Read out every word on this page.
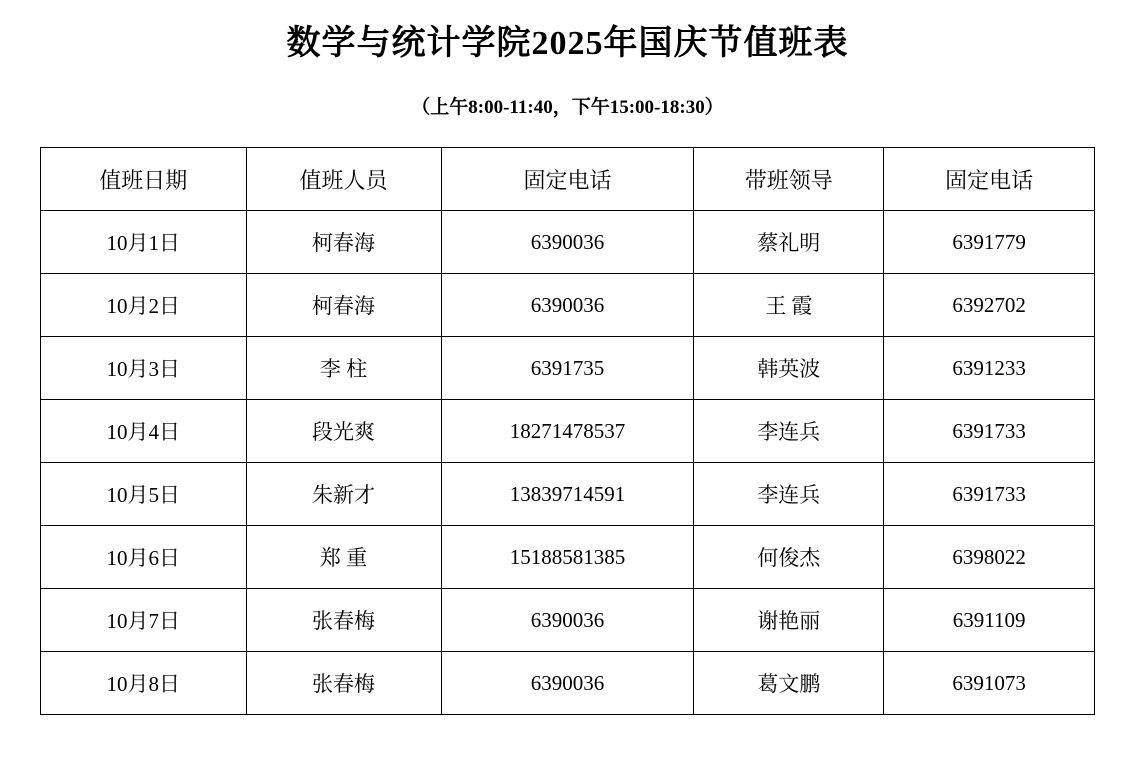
数学与统计学院2025年国庆节值班表
（上午8:00-11:40，下午15:00-18:30）
值班日期	值班人员	固定电话	带班领导	固定电话
10月1日	柯春海	6390036	蔡礼明	6391779
10月2日	柯春海	6390036	王 霞	6392702
10月3日	李 柱	6391735	韩英波	6391233
10月4日	段光爽	18271478537	李连兵	6391733
10月5日	朱新才	13839714591	李连兵	6391733
10月6日	郑 重	15188581385	何俊杰	6398022
10月7日	张春梅	6390036	谢艳丽	6391109
10月8日	张春梅	6390036	葛文鹏	6391073
